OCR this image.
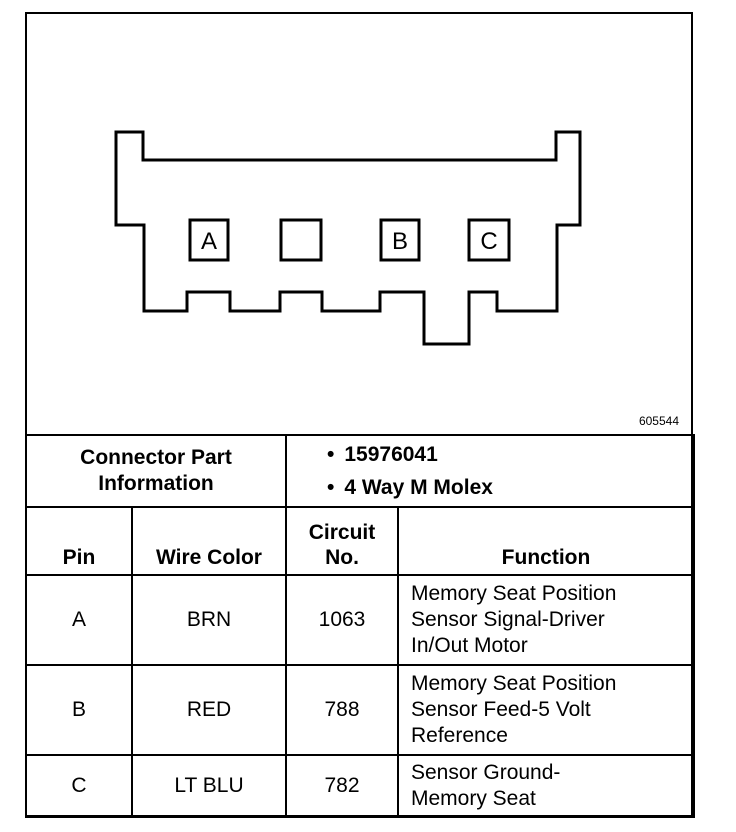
A	B	C
605544
Connector Part Information		• 15976041
• 4 Way M Molex

Pin	Wire Color	Circuit No.	Function
A	BRN	1063	Memory Seat Position Sensor Signal-Driver In/Out Motor
B	RED	788	Memory Seat Position Sensor Feed-5 Volt Reference
C	LT BLU	782	Sensor Ground-Memory Seat
